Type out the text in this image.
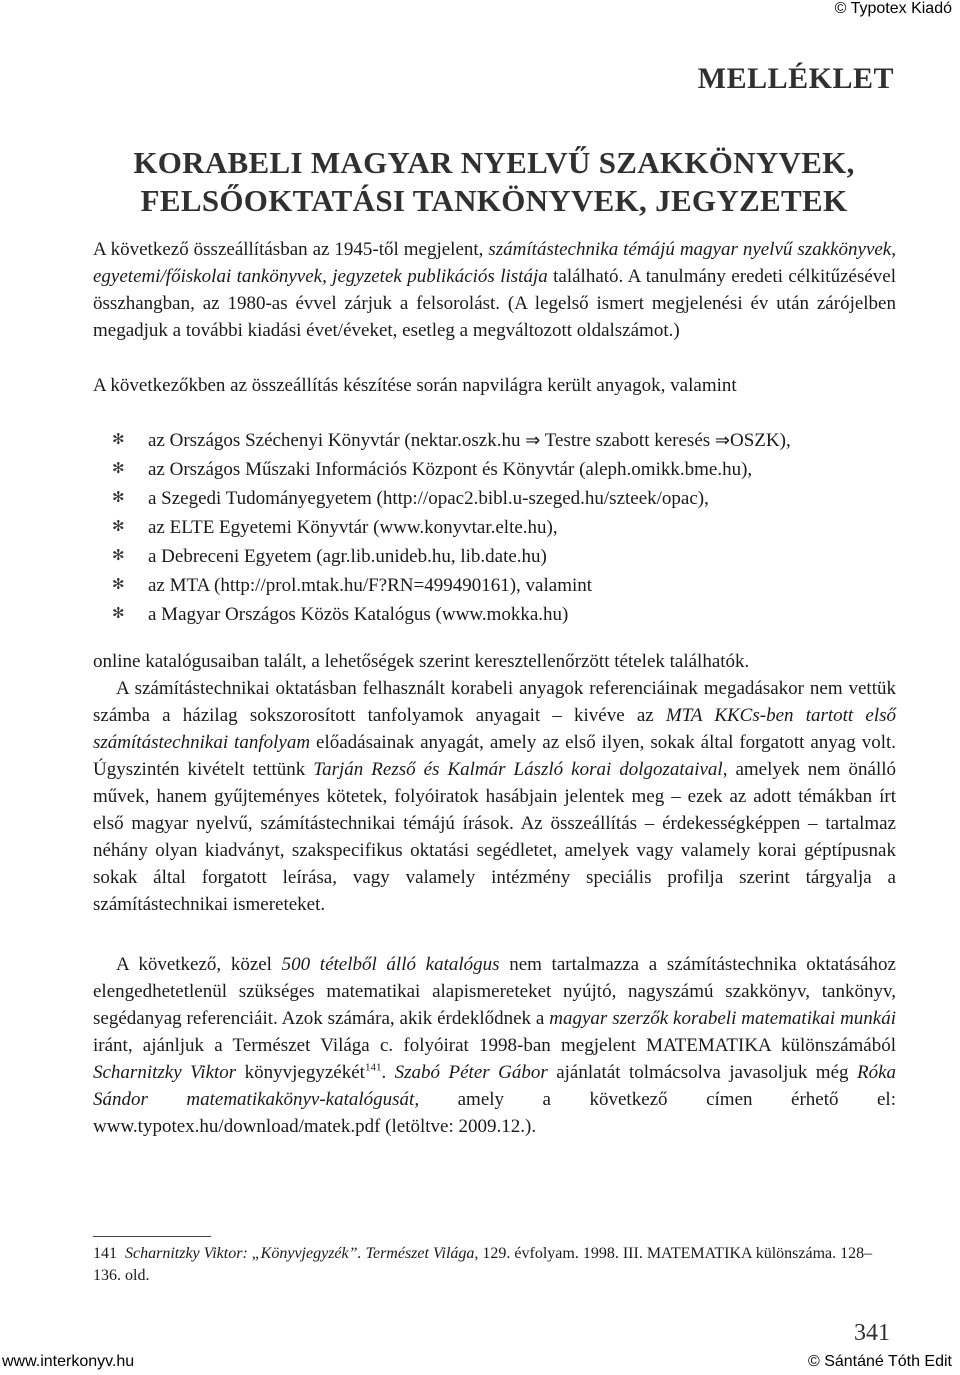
© Typotex Kiadó
MELLÉKLET
KORABELI MAGYAR NYELVŰ SZAKKÖNYVEK,
FELSŐOKTATÁSI TANKÖNYVEK, JEGYZETEK

A következő összeállításban az 1945-től megjelent, számítástechnika témájú magyar nyelvű szakkönyvek, egyetemi/főiskolai tankönyvek, jegyzetek publikációs listája található. A tanulmány eredeti célkitűzésével összhangban, az 1980-as évvel zárjuk a felsorolást. (A legelső ismert megjelenési év után zárójelben megadjuk a további kiadási évet/éveket, esetleg a megváltozott oldalszámot.)

A következőkben az összeállítás készítése során napvilágra került anyagok, valamint

✻ az Országos Széchenyi Könyvtár (nektar.oszk.hu ⇒ Testre szabott keresés ⇒OSZK),
✻ az Országos Műszaki Információs Központ és Könyvtár (aleph.omikk.bme.hu),
✻ a Szegedi Tudományegyetem (http://opac2.bibl.u-szeged.hu/szteek/opac),
✻ az ELTE Egyetemi Könyvtár (www.konyvtar.elte.hu),
✻ a Debreceni Egyetem (agr.lib.unideb.hu, lib.date.hu)
✻ az MTA (http://prol.mtak.hu/F?RN=499490161), valamint
✻ a Magyar Országos Közös Katalógus (www.mokka.hu)

online katalógusaiban talált, a lehetőségek szerint keresztellenőrzött tételek találhatók.

A számítástechnikai oktatásban felhasznált korabeli anyagok referenciáinak megadásakor nem vettük számba a házilag sokszorosított tanfolyamok anyagait – kivéve az MTA KKCs-ben tartott első számítástechnikai tanfolyam előadásainak anyagát, amely az első ilyen, sokak által forgatott anyag volt. Úgyszintén kivételt tettünk Tarján Rezső és Kalmár László korai dolgozataival, amelyek nem önálló művek, hanem gyűjteményes kötetek, folyóiratok hasábjain jelentek meg – ezek az adott témákban írt első magyar nyelvű, számítástechnikai témájú írások. Az összeállítás – érdekességképpen – tartalmaz néhány olyan kiadványt, szakspecifikus oktatási segédletet, amelyek vagy valamely korai géptípusnak sokak által forgatott leírása, vagy valamely intézmény speciális profilja szerint tárgyalja a számítástechnikai ismereteket.

A következő, közel 500 tételből álló katalógus nem tartalmazza a számítástechnika oktatásához elengedhetetlenül szükséges matematikai alapismereteket nyújtó, nagyszámú szakkönyv, tankönyv, segédanyag referenciáit. Azok számára, akik érdeklődnek a magyar szerzők korabeli matematikai munkái iránt, ajánljuk a Természet Világa c. folyóirat 1998-ban megjelent MATEMATIKA különszámából Scharnitzky Viktor könyvjegyzékét$^{141}$. Szabó Péter Gábor ajánlatát tolmácsolva javasoljuk még Róka Sándor matematikakönyv-katalógusát, amely a következő címen érhető el: www.typotex.hu/download/matek.pdf (letöltve: 2009.12.).

141 Scharnitzky Viktor: „Könyvjegyzék”. Természet Világa, 129. évfolyam. 1998. III. MATEMATIKA különszáma. 128–136. old.
341
www.interkonyv.hu	© Sántáné Tóth Edit
